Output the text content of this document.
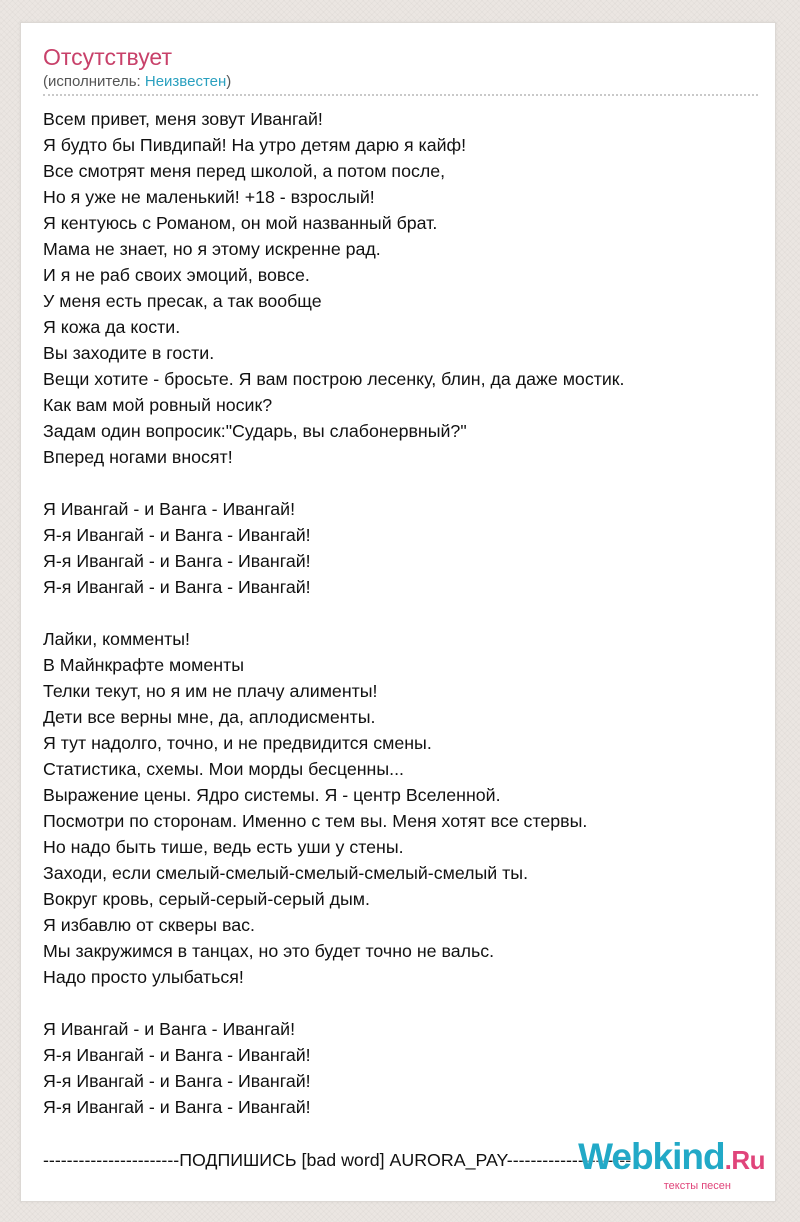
Отсутствует
(исполнитель: Неизвестен)
Всем привет, меня зовут Ивангай!
Я будто бы Пивдипай! На утро детям дарю я кайф!
Все смотрят меня перед школой, а потом после,
Но я уже не маленький! +18 - взрослый!
Я кентуюсь с Романом, он мой названный брат.
Мама не знает, но я этому искренне рад.
И я не раб своих эмоций, вовсе.
У меня есть пресак, а так вообще
Я кожа да кости.
Вы заходите в гости.
Вещи хотите - бросьте. Я вам построю лесенку, блин, да даже мостик.
Как вам мой ровный носик?
Задам один вопросик:"Сударь, вы слабонервный?"
Вперед ногами вносят!
Я Ивангай - и Ванга - Ивангай!
Я-я Ивангай - и Ванга - Ивангай!
Я-я Ивангай - и Ванга - Ивангай!
Я-я Ивангай - и Ванга - Ивангай!
Лайки, комменты!
В Майнкрафте моменты
Телки текут, но я им не плачу алименты!
Дети все верны мне, да, аплодисменты.
Я тут надолго, точно, и не предвидится смены.
Статистика, схемы. Мои морды бесценны...
Выражение цены. Ядро системы. Я - центр Вселенной.
Посмотри по сторонам. Именно с тем вы. Меня хотят все стервы.
Но надо быть тише, ведь есть уши у стены.
Заходи, если смелый-смелый-смелый-смелый-смелый ты.
Вокруг кровь, серый-серый-серый дым.
Я избавлю от скверы вас.
Мы закружимся в танцах, но это будет точно не вальс.
Надо просто улыбаться!
Я Ивангай - и Ванга - Ивангай!
Я-я Ивангай - и Ванга - Ивангай!
Я-я Ивангай - и Ванга - Ивангай!
Я-я Ивангай - и Ванга - Ивангай!
-----------------------ПОДПИШИСЬ [bad word] AURORA_PAY---------------------
Webkind.Ru
тексты песен
